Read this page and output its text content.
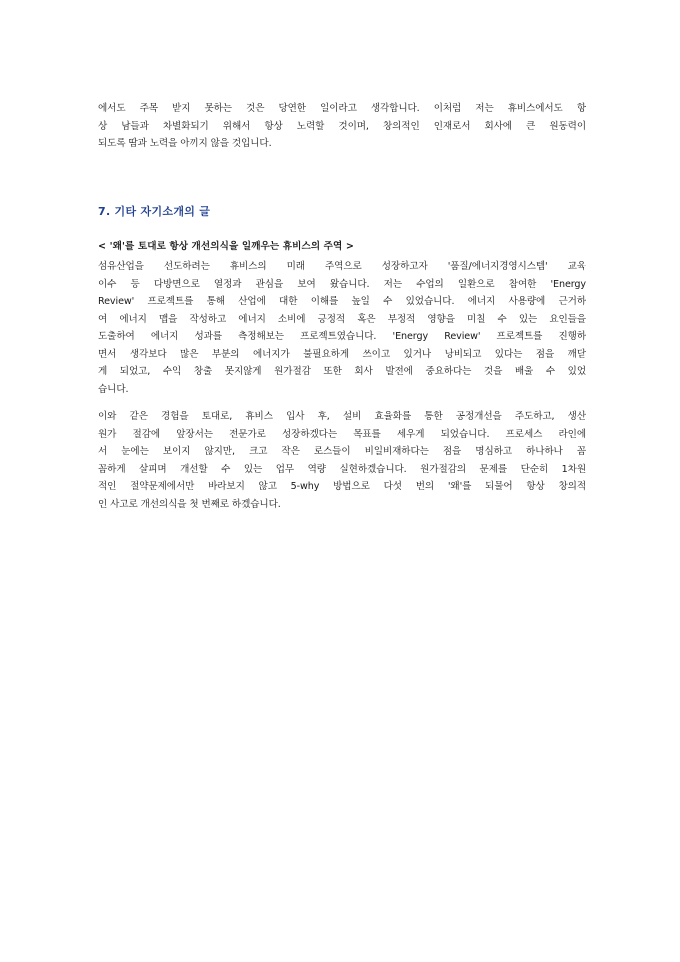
에서도 주목 받지 못하는 것은 당연한 일이라고 생각합니다. 이처럼 저는 휴비스에서도 항
상 남들과 차별화되기 위해서 항상 노력할 것이며, 창의적인 인재로서 회사에 큰 원동력이
되도록 땀과 노력을 아끼지 않을 것입니다.
7. 기타 자기소개의 글
< '왜'를 토대로 항상 개선의식을 일깨우는 휴비스의 주역 >
섬유산업을 선도하려는 휴비스의 미래 주역으로 성장하고자 '품질/에너지경영시스템' 교육
이수 등 다방면으로 열정과 관심을 보여 왔습니다. 저는 수업의 일환으로 참여한 'Energy
Review' 프로젝트를 통해 산업에 대한 이해를 높일 수 있었습니다. 에너지 사용량에 근거하
여 에너지 맵을 작성하고 에너지 소비에 긍정적 혹은 부정적 영향을 미칠 수 있는 요인들을
도출하여 에너지 성과를 측정해보는 프로젝트였습니다. 'Energy Review' 프로젝트를 진행하
면서 생각보다 많은 부분의 에너지가 불필요하게 쓰이고 있거나 낭비되고 있다는 점을 깨닫
게 되었고, 수익 창출 못지않게 원가절감 또한 회사 발전에 중요하다는 것을 배울 수 있었
습니다.
이와 같은 경험을 토대로, 휴비스 입사 후, 설비 효율화를 통한 공정개선을 주도하고, 생산
원가 절감에 앞장서는 전문가로 성장하겠다는 목표를 세우게 되었습니다. 프로세스 라인에
서 눈에는 보이지 않지만, 크고 작은 로스들이 비일비재하다는 점을 명심하고 하나하나 꼼
꼼하게 살피며 개선할 수 있는 업무 역량 실현하겠습니다. 원가절감의 문제를 단순히 1차원
적인 절약문제에서만 바라보지 않고 5-why 방법으로 다섯 번의 '왜'를 되물어 항상 창의적
인 사고로 개선의식을 첫 번째로 하겠습니다.
